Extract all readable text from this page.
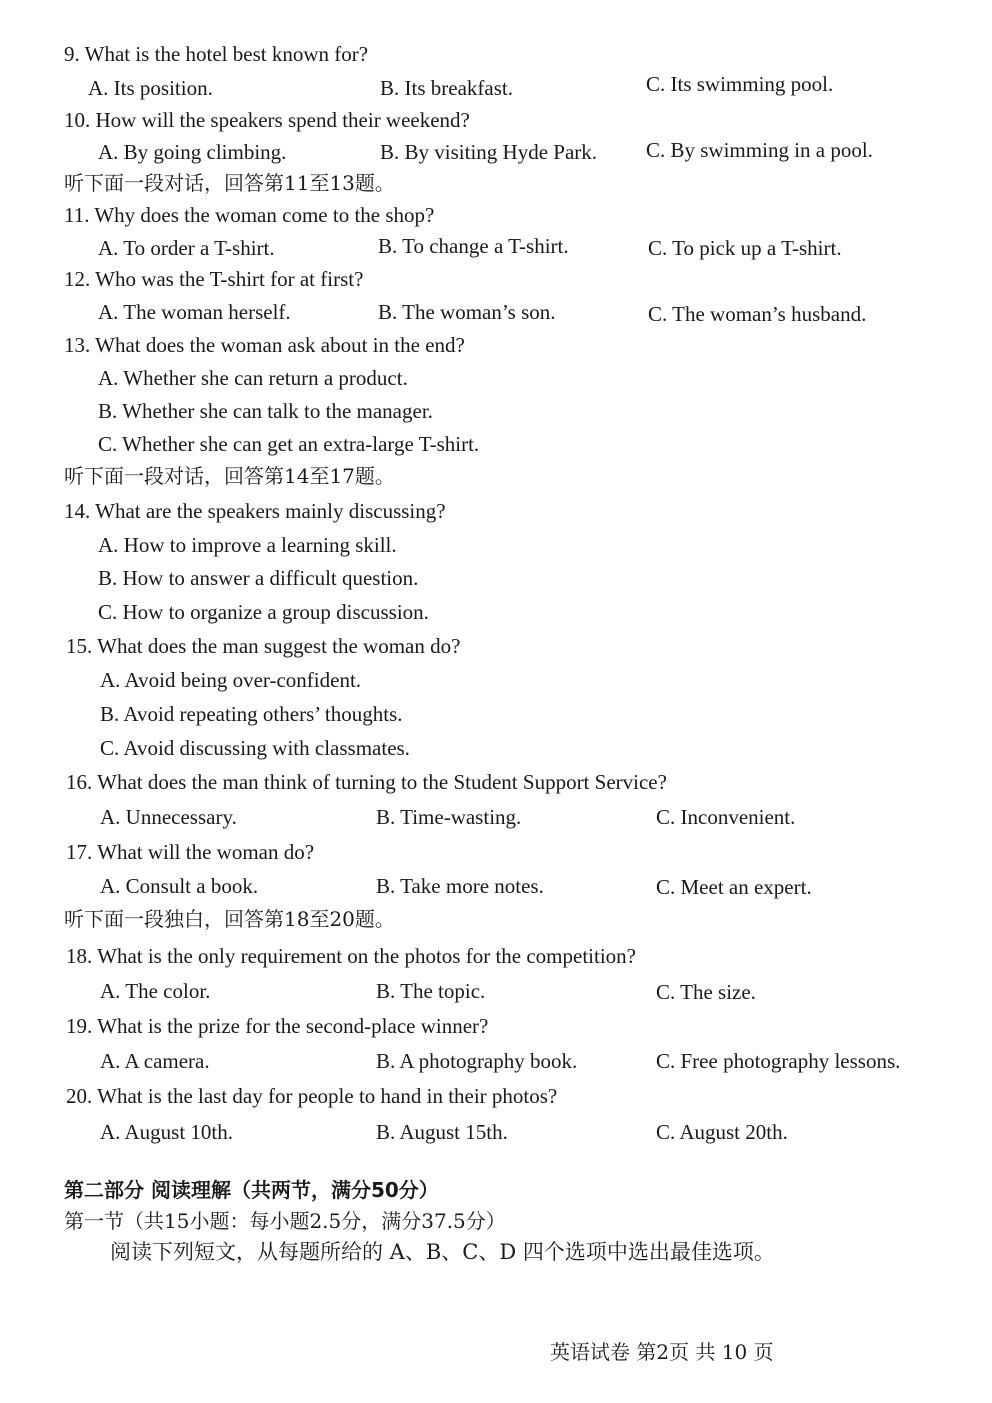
9. What is the hotel best known for?
A. Its position.	B. Its breakfast.	C. Its swimming pool.
10. How will the speakers spend their weekend?
A. By going climbing.	B. By visiting Hyde Park. C. By swimming in a pool.
听下面一段对话，回答第11至13题。
11. Why does the woman come to the shop?
A. To order a T-shirt.	B. To change a T-shirt.	C. To pick up a T-shirt.
12. Who was the T-shirt for at first?
A. The woman herself.	B. The woman’s son.	C. The woman’s husband.
13. What does the woman ask about in the end?
A. Whether she can return a product.
B. Whether she can talk to the manager.
C. Whether she can get an extra-large T-shirt.
听下面一段对话，回答第14至17题。
14. What are the speakers mainly discussing?
A. How to improve a learning skill.
B. How to answer a difficult question.
C. How to organize a group discussion.
15. What does the man suggest the woman do?
A. Avoid being over-confident.
B. Avoid repeating others’ thoughts.
C. Avoid discussing with classmates.
16. What does the man think of turning to the Student Support Service?
A. Unnecessary.	B. Time-wasting.	C. Inconvenient.
17. What will the woman do?
A. Consult a book.	B. Take more notes.	C. Meet an expert.
听下面一段独白，回答第18至20题。
18. What is the only requirement on the photos for the competition?
A. The color.	B. The topic.	C. The size.
19. What is the prize for the second-place winner?
A. A camera.	B. A photography book.	C. Free photography lessons.
20. What is the last day for people to hand in their photos?
A. August 10th.	B. August 15th.	C. August 20th.
第二部分 阅读理解（共两节，满分50分）
第一节（共15小题：每小题2.5分，满分37.5分）
阅读下列短文，从每题所给的 A、B、C、D 四个选项中选出最佳选项。
英语试卷 第2页 共 10 页
